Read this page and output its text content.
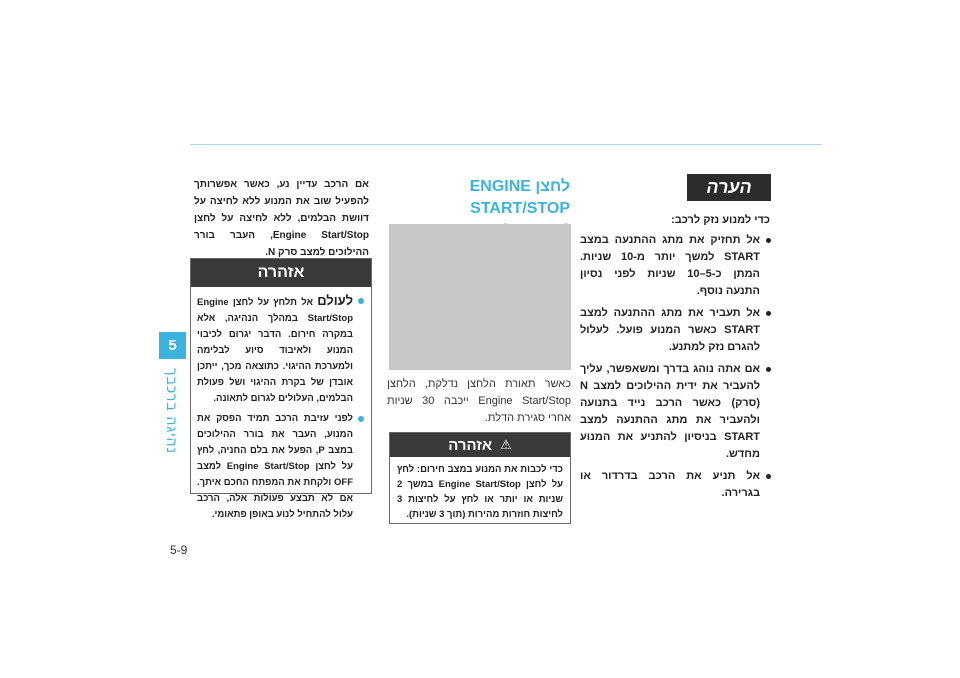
5
נהיגה ברכבך
5-9
הערה
כדי למנוע נזק לרכב:
אל תחזיק את מתג ההתנעה במצב START למשך יותר מ-10 שניות. המתן כ-5–10 שניות לפני נסיון התנעה נוסף.
אל תעביר את מתג ההתנעה למצב START כאשר המנוע פועל. לעלול להגרם נזק למתנע.
אם אתה נוהג בדרך ומשאפשר, עליך להעביר את ידית ההילוכים למצב N (סרק) כאשר הרכב נייד בתנועה ולהעביר את מתג ההתנעה למצב START בניסיון להתניע את המנוע מחדש.
אל תניע את הרכב בדרדור או בגרירה.
לחצן ENGINE START/STOP
כאשר תאורת הלחצן נדלקת, הלחצן Engine Start/Stop ייכבה 30 שניות אחרי סגירת הדלת.
אזהרה ⚠
כדי לכבות את המנוע במצב חירום: לחץ על לחצן Engine Start/Stop במשך 2 שניות או יותר או לחץ על לחיצות 3 לחיצות חוזרות מהירות (תוך 3 שניות).
אם הרכב עדיין נע, כאשר אפשרותך להפעיל שוב את המנוע ללא לחיצה על דוושת הבלמים, ללא לחיצה על לחצן Engine Start/Stop, העבר בורר ההילוכים למצב סרק N.
אזהרה
לעולם אל תלחץ על לחצן Engine Start/Stop במהלך הנהיגה, אלא במקרה חירום. הדבר יגרום לכיבוי המנוע ולאיבוד סיוע לבלימה ולמערכת ההיגוי. כתוצאה מכך, ייתכן אובדן של בקרת ההיגוי ושל פעולת הבלמים, העלולים לגרום לתאונה.
לפני עזיבת הרכב תמיד הפסק את המנוע, העבר את בורר ההילוכים במצב P, הפעל את בלם החניה, לחץ על לחצן Engine Start/Stop למצב OFF ולקחת את המפתח החכם איתך. אם לא תבצע פעולות אלה, הרכב עלול להתחיל לנוע באופן פתאומי.
